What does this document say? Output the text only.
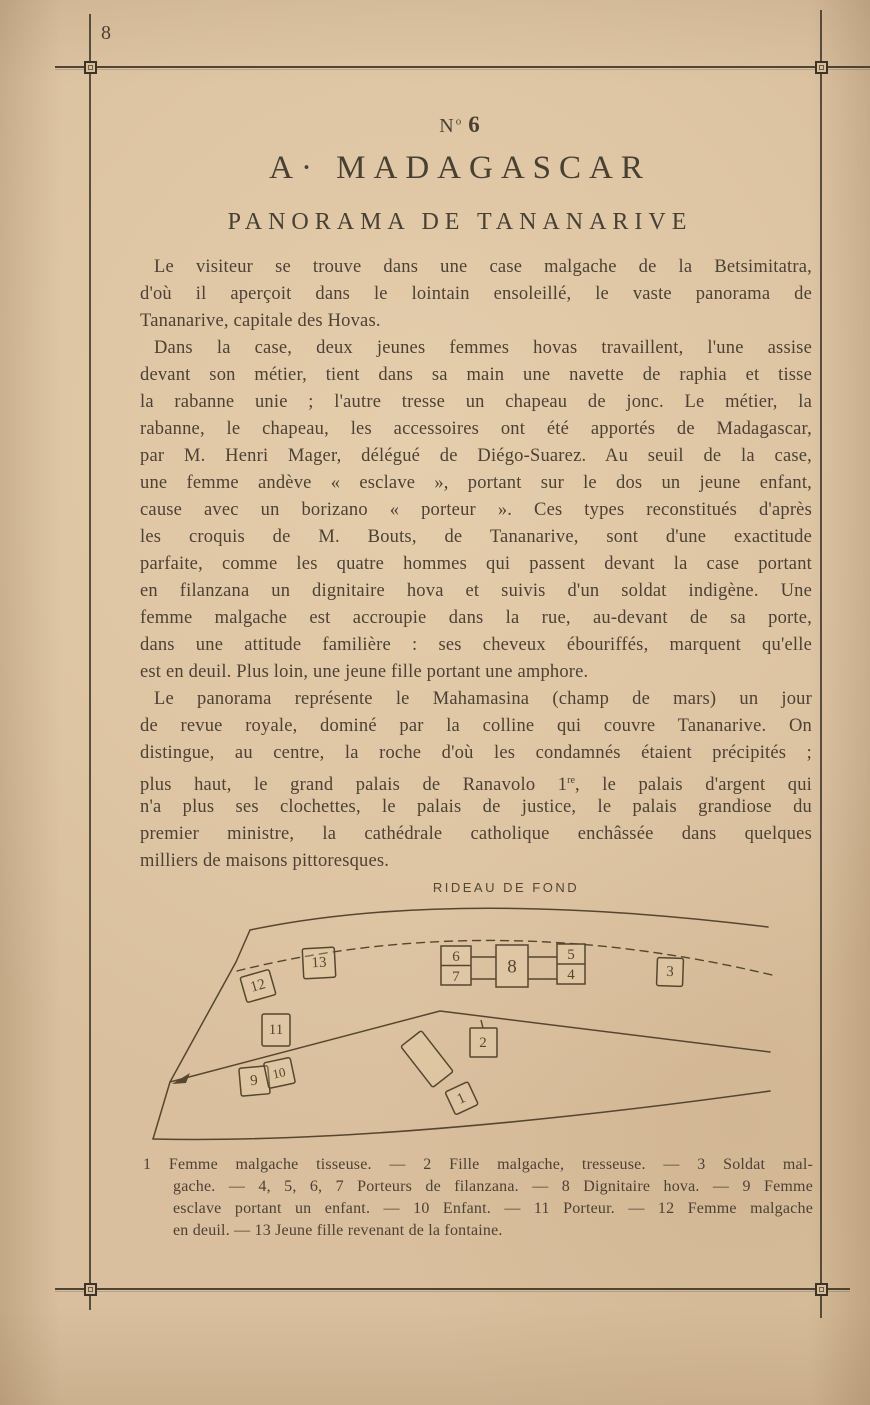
8
$N^o$ 6
A· MADAGASCAR
PANORAMA DE TANANARIVE
Le visiteur se trouve dans une case malgache de la Betsimitatra,
d'où il aperçoit dans le lointain ensoleillé, le vaste panorama de
Tananarive, capitale des Hovas.
Dans la case, deux jeunes femmes hovas travaillent, l'une assise
devant son métier, tient dans sa main une navette de raphia et tisse
la rabanne unie ; l'autre tresse un chapeau de jonc. Le métier, la
rabanne, le chapeau, les accessoires ont été apportés de Madagascar,
par M. Henri Mager, délégué de Diégo-Suarez. Au seuil de la case,
une femme andève « esclave », portant sur le dos un jeune enfant,
cause avec un borizano « porteur ». Ces types reconstitués d'après
les croquis de M. Bouts, de Tananarive, sont d'une exactitude
parfaite, comme les quatre hommes qui passent devant la case portant
en filanzana un dignitaire hova et suivis d'un soldat indigène. Une
femme malgache est accroupie dans la rue, au-devant de sa porte,
dans une attitude familière : ses cheveux ébouriffés, marquent qu'elle
est en deuil. Plus loin, une jeune fille portant une amphore.
Le panorama représente le Mahamasina (champ de mars) un jour
de revue royale, dominé par la colline qui couvre Tananarive. On
distingue, au centre, la roche d'où les condamnés étaient précipités ;
plus haut, le grand palais de Ranavolo 1re, le palais d'argent qui
n'a plus ses clochettes, le palais de justice, le palais grandiose du
premier ministre, la cathédrale catholique enchâssée dans quelques
milliers de maisons pittoresques.
RIDEAU DE FOND
6
7	8
5
4
13
12
11
9 10
3
2
1
1 Femme malgache tisseuse. — 2 Fille malgache, tresseuse. — 3 Soldat mal-
gache. — 4, 5, 6, 7 Porteurs de filanzana. — 8 Dignitaire hova. — 9 Femme
esclave portant un enfant. — 10 Enfant. — 11 Porteur. — 12 Femme malgache
en deuil. — 13 Jeune fille revenant de la fontaine.
